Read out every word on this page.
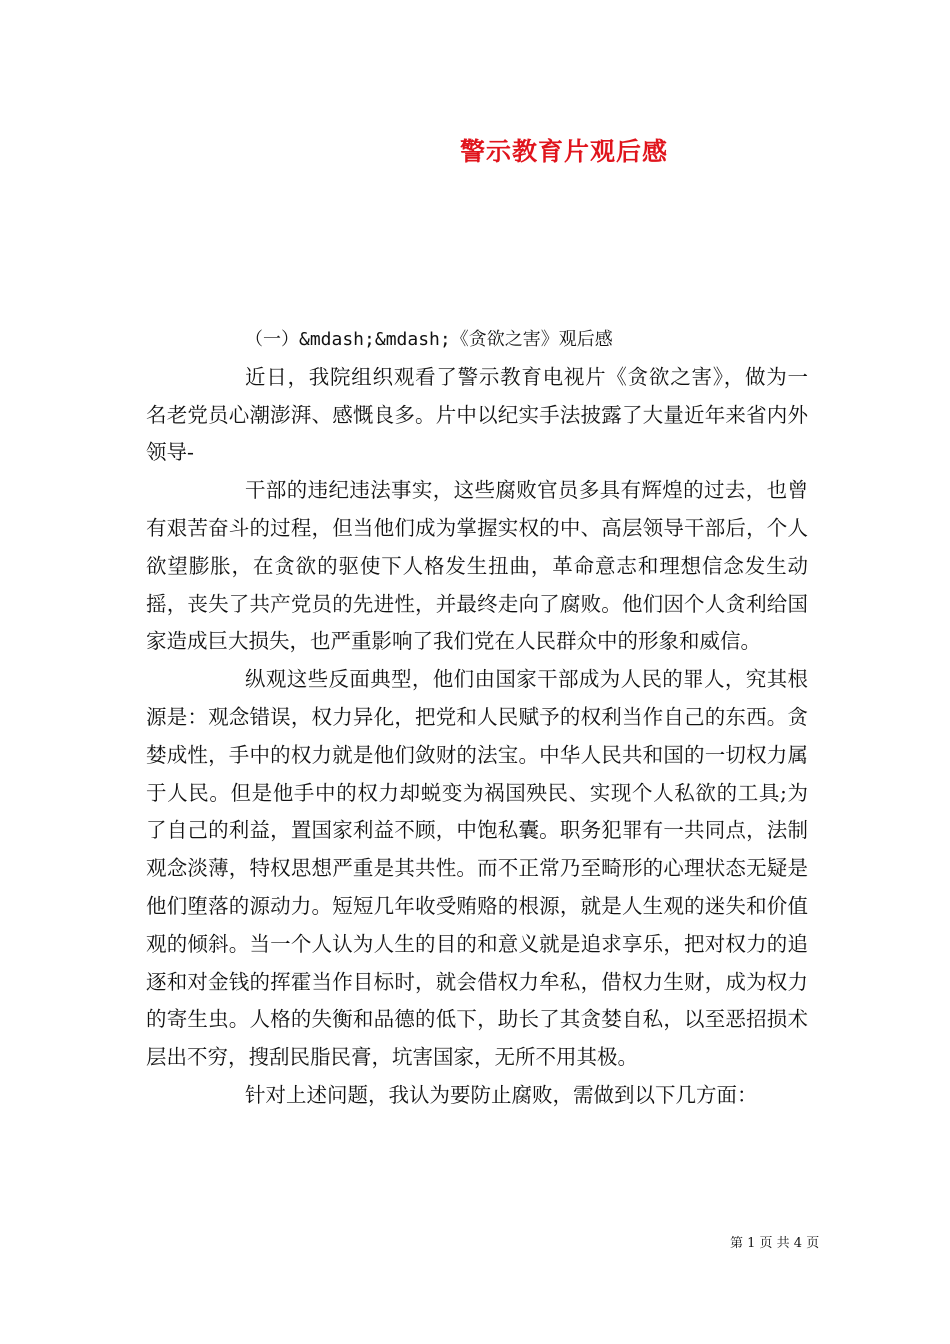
警示教育片观后感

（一）&mdash;&mdash;《贪欲之害》观后感

近日，我院组织观看了警示教育电视片《贪欲之害》，做为一名老党员心潮澎湃、感慨良多。片中以纪实手法披露了大量近年来省内外领导-

干部的违纪违法事实，这些腐败官员多具有辉煌的过去，也曾有艰苦奋斗的过程，但当他们成为掌握实权的中、高层领导干部后，个人欲望膨胀，在贪欲的驱使下人格发生扭曲，革命意志和理想信念发生动摇，丧失了共产党员的先进性，并最终走向了腐败。他们因个人贪利给国家造成巨大损失，也严重影响了我们党在人民群众中的形象和威信。

纵观这些反面典型，他们由国家干部成为人民的罪人，究其根源是：观念错误，权力异化，把党和人民赋予的权利当作自己的东西。贪婪成性，手中的权力就是他们敛财的法宝。中华人民共和国的一切权力属于人民。但是他手中的权力却蜕变为祸国殃民、实现个人私欲的工具;为了自己的利益，置国家利益不顾，中饱私囊。职务犯罪有一共同点，法制观念淡薄，特权思想严重是其共性。而不正常乃至畸形的心理状态无疑是他们堕落的源动力。短短几年收受贿赂的根源，就是人生观的迷失和价值观的倾斜。当一个人认为人生的目的和意义就是追求享乐，把对权力的追逐和对金钱的挥霍当作目标时，就会借权力牟私，借权力生财，成为权力的寄生虫。人格的失衡和品德的低下，助长了其贪婪自私，以至恶招损术层出不穷，搜刮民脂民膏，坑害国家，无所不用其极。

针对上述问题，我认为要防止腐败，需做到以下几方面：

第 1 页 共 4 页
